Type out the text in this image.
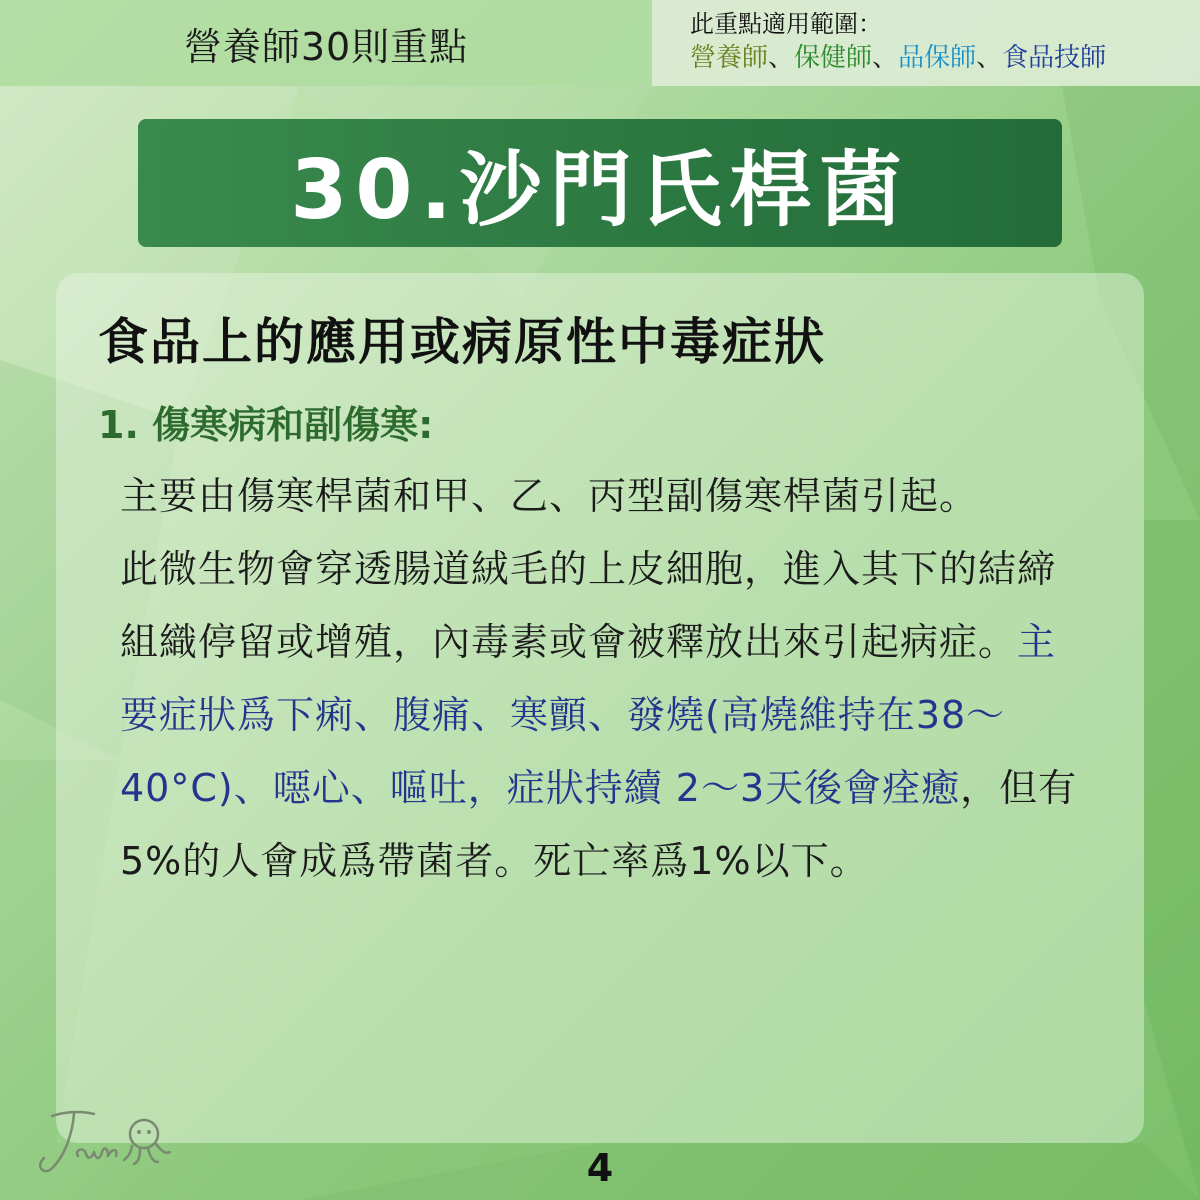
營養師30則重點
此重點適用範圍：
營養師、保健師、品保師、食品技師
30.沙門氏桿菌
食品上的應用或病原性中毒症狀
1. 傷寒病和副傷寒:
主要由傷寒桿菌和甲、乙、丙型副傷寒桿菌引起。
此微生物會穿透腸道絨毛的上皮細胞，進入其下的結締組織停留或增殖，內毒素或會被釋放出來引起病症。主要症狀爲下痢、腹痛、寒顫、發燒(高燒維持在38～40°C)、噁心、嘔吐，症狀持續 2～3天後會痊癒，但有5%的人會成爲帶菌者。死亡率爲1%以下。
4
